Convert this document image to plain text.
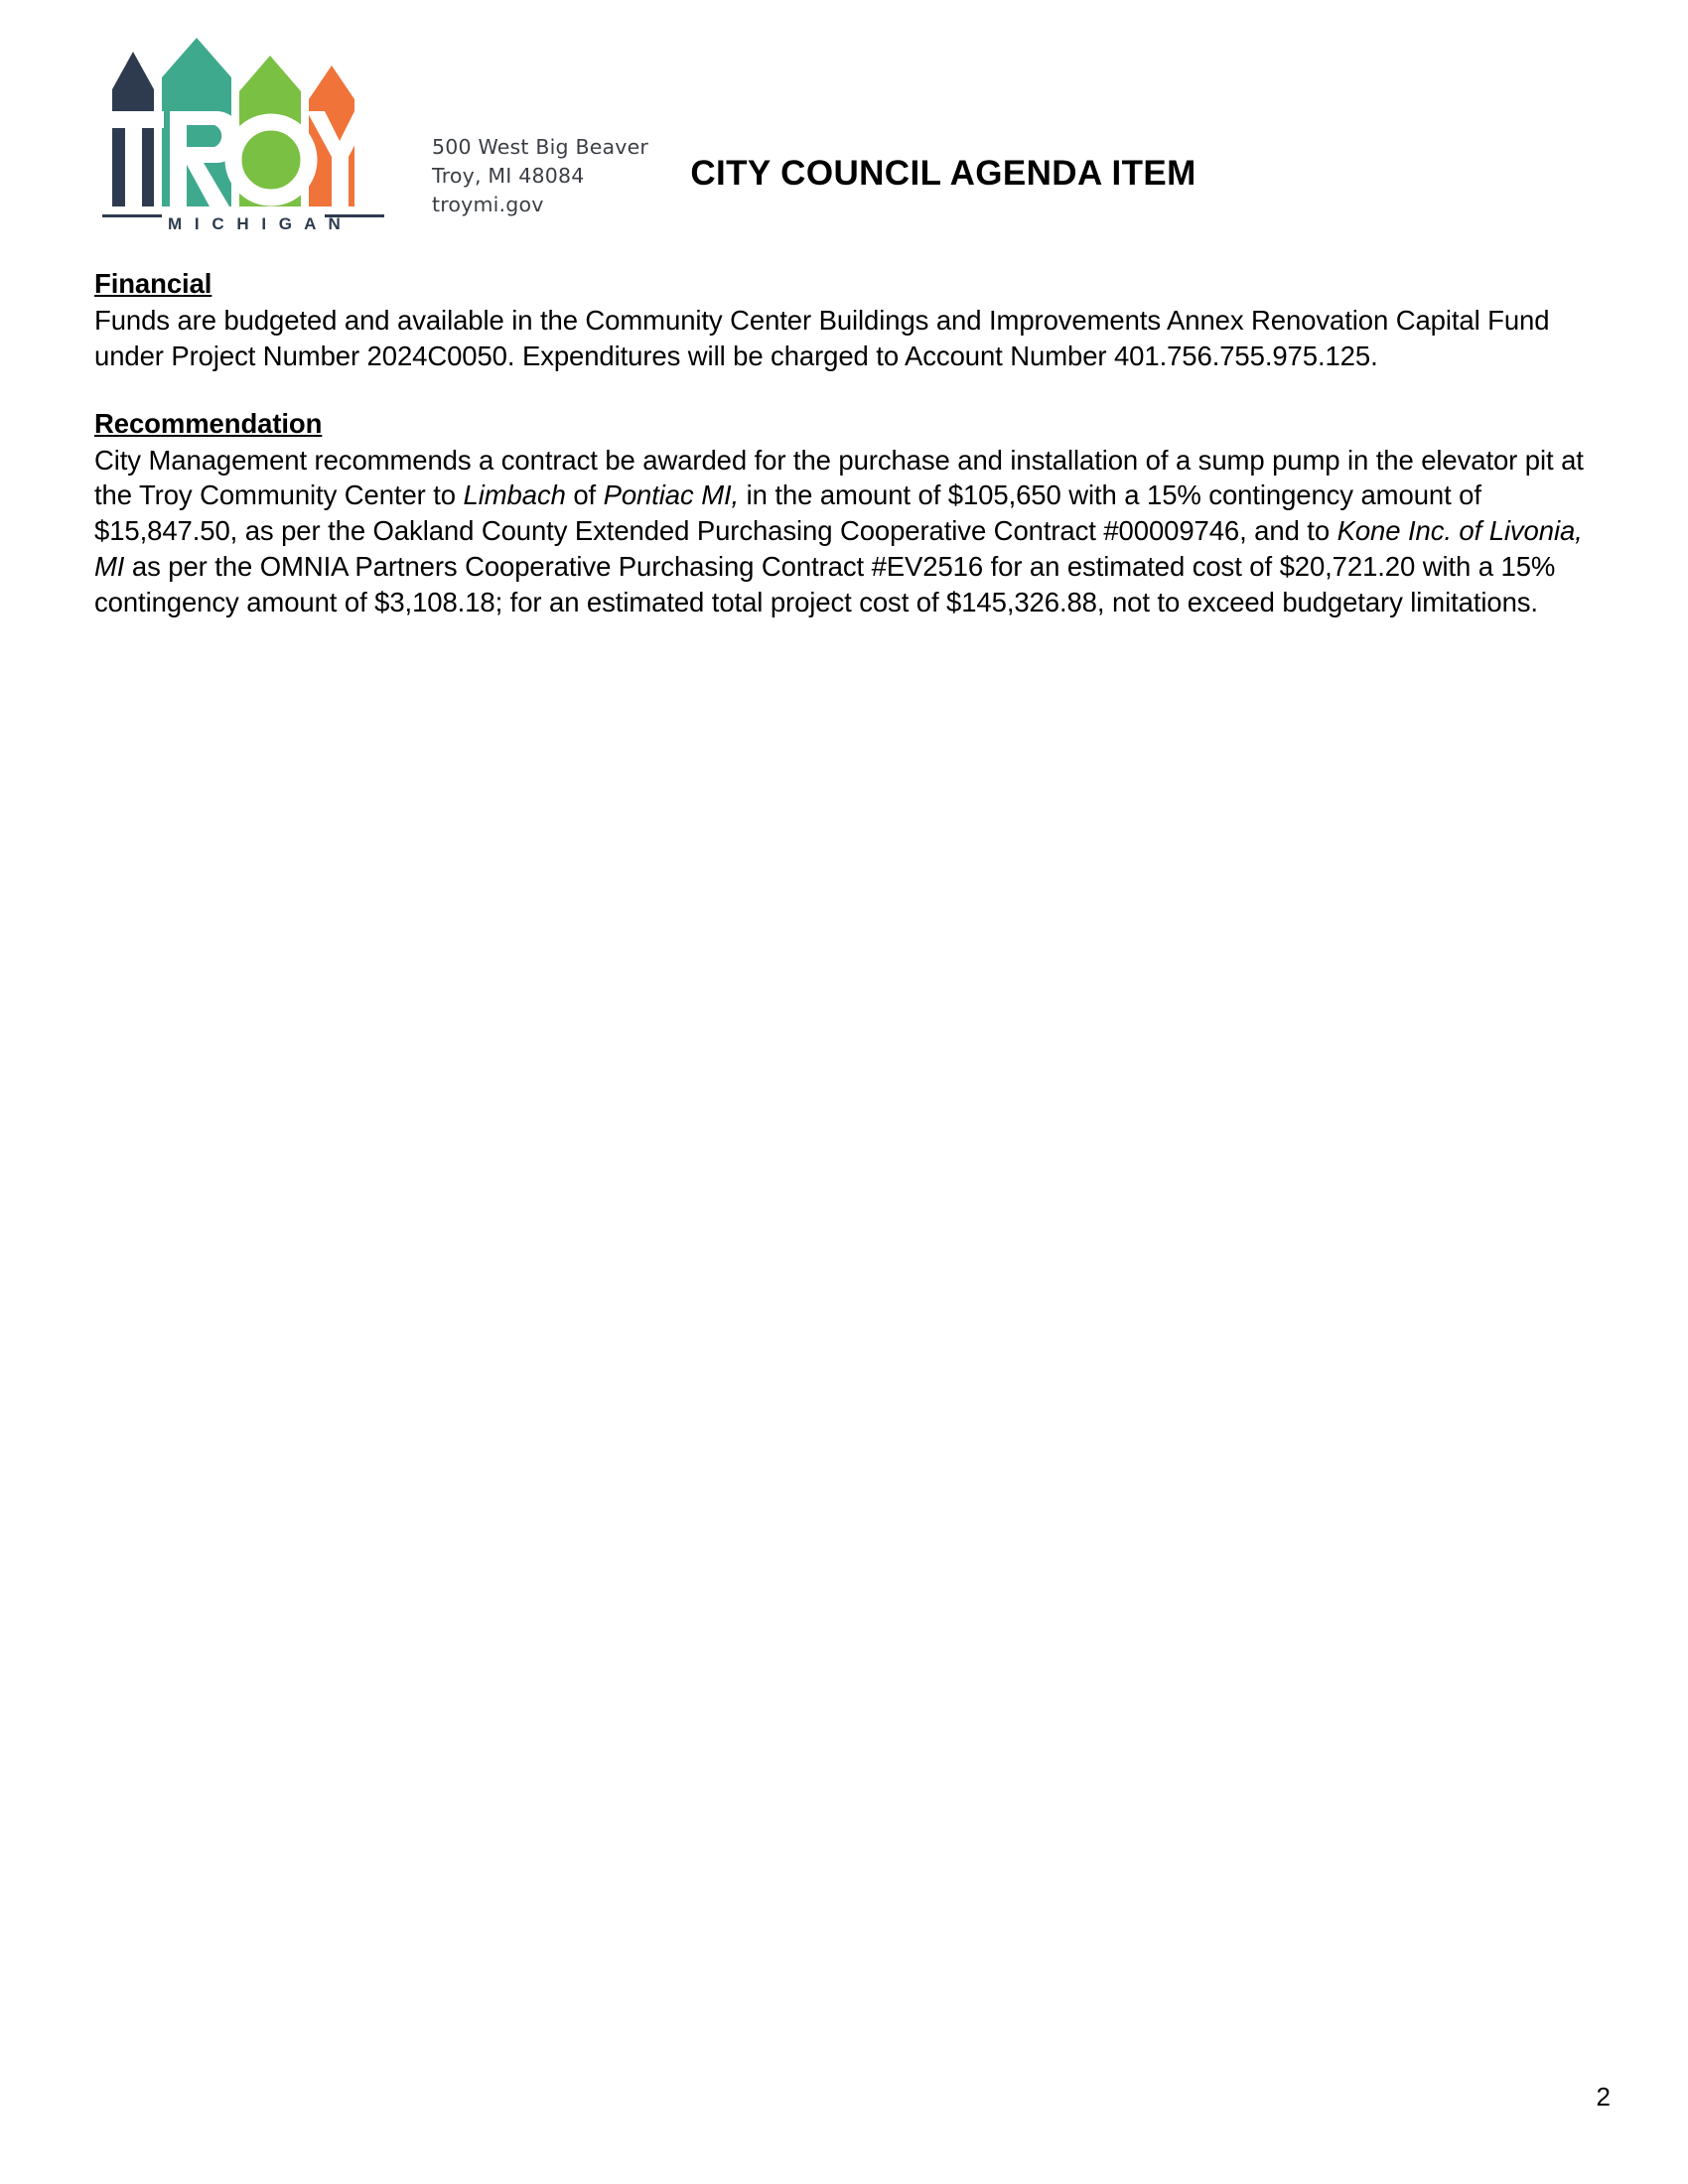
M I C H I G A N
500 West Big Beaver
Troy, MI 48084
troymi.gov
CITY COUNCIL AGENDA ITEM
Financial

Funds are budgeted and available in the Community Center Buildings and Improvements Annex Renovation Capital Fund under Project Number 2024C0050. Expenditures will be charged to Account Number 401.756.755.975.125.

Recommendation

City Management recommends a contract be awarded for the purchase and installation of a sump pump in the elevator pit at the Troy Community Center to Limbach of Pontiac MI, in the amount of $105,650 with a 15% contingency amount of $15,847.50, as per the Oakland County Extended Purchasing Cooperative Contract #00009746, and to Kone Inc. of Livonia, MI as per the OMNIA Partners Cooperative Purchasing Contract #EV2516 for an estimated cost of $20,721.20 with a 15% contingency amount of $3,108.18; for an estimated total project cost of $145,326.88, not to exceed budgetary limitations.

2
